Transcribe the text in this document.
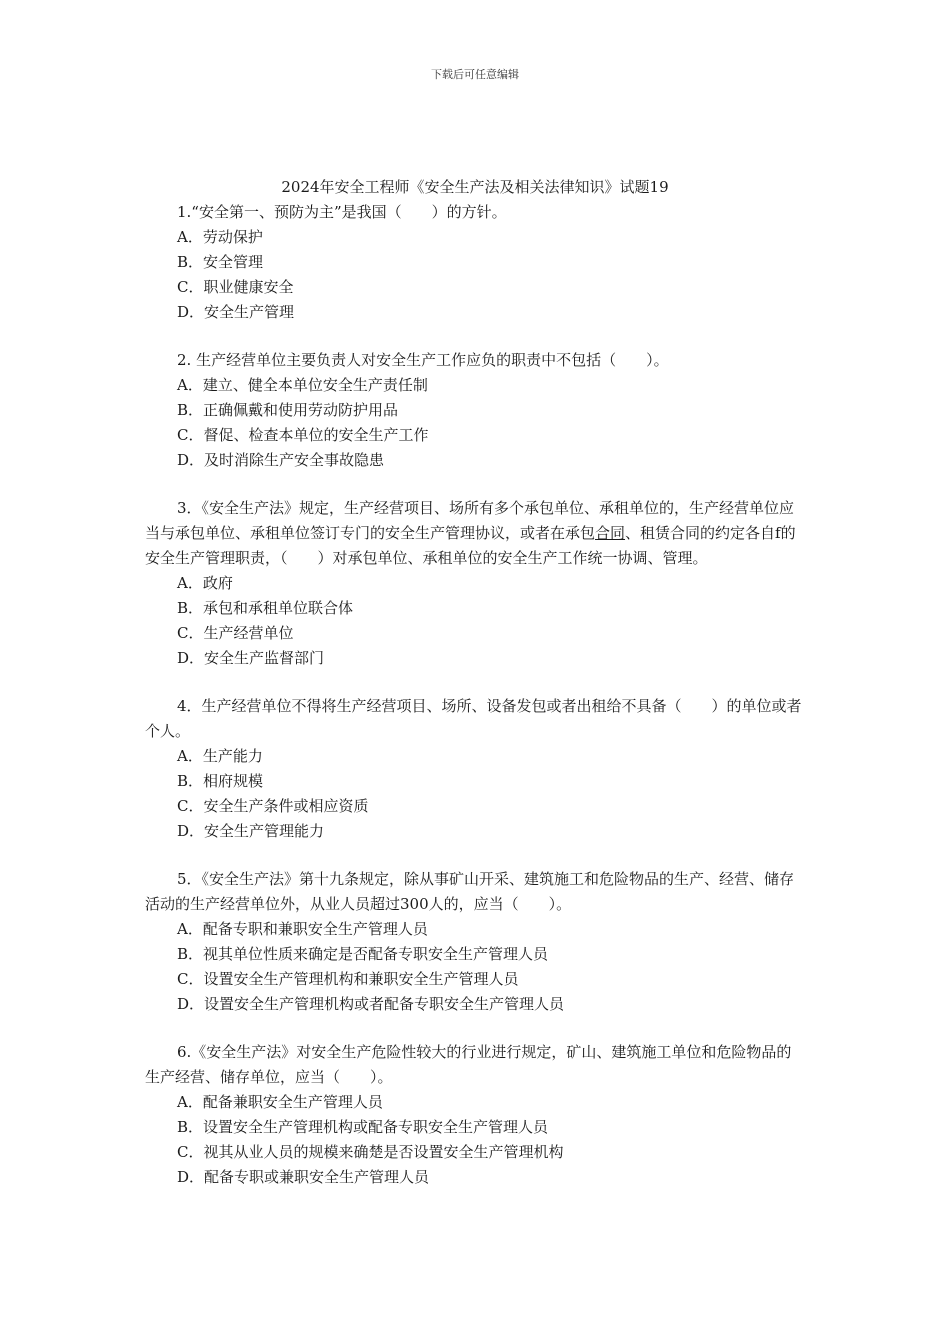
下载后可任意编辑
2024年安全工程师《安全生产法及相关法律知识》试题19

1.“安全第一、预防为主”是我国（　　）的方针。

A．劳动保护

B．安全管理

C．职业健康安全

D．安全生产管理

2. 生产经营单位主要负责人对安全生产工作应负的职责中不包括（　　）。

A．建立、健全本单位安全生产责任制

B．正确佩戴和使用劳动防护用品

C．督促、检查本单位的安全生产工作

D．及时消除生产安全事故隐患

3．《安全生产法》规定，生产经营项目、场所有多个承包单位、承租单位的，生产经营单位应当与承包单位、承租单位签订专门的安全生产管理协议，或者在承包合同、租赁合同的约定各自f的安全生产管理职责，（　　）对承包单位、承租单位的安全生产工作统一协调、管理。

A．政府

B．承包和承租单位联合体

C．生产经营单位

D．安全生产监督部门

4．生产经营单位不得将生产经营项目、场所、设备发包或者出租给不具备（　　）的单位或者个人。

A．生产能力

B．相府规模

C．安全生产条件或相应资质

D．安全生产管理能力

5．《安全生产法》第十九条规定，除从事矿山开采、建筑施工和危险物品的生产、经营、储存活动的生产经营单位外，从业人员超过300人的，应当（　　）。

A．配备专职和兼职安全生产管理人员

B．视其单位性质来确定是否配备专职安全生产管理人员

C．设置安全生产管理机构和兼职安全生产管理人员

D．设置安全生产管理机构或者配备专职安全生产管理人员

6.《安全生产法》对安全生产危险性较大的行业进行规定，矿山、建筑施工单位和危险物品的生产经营、储存单位，应当（　　）。

A．配备兼职安全生产管理人员

B．设置安全生产管理机构或配备专职安全生产管理人员

C．视其从业人员的规模来确楚是否设置安全生产管理机构

D．配备专职或兼职安全生产管理人员
